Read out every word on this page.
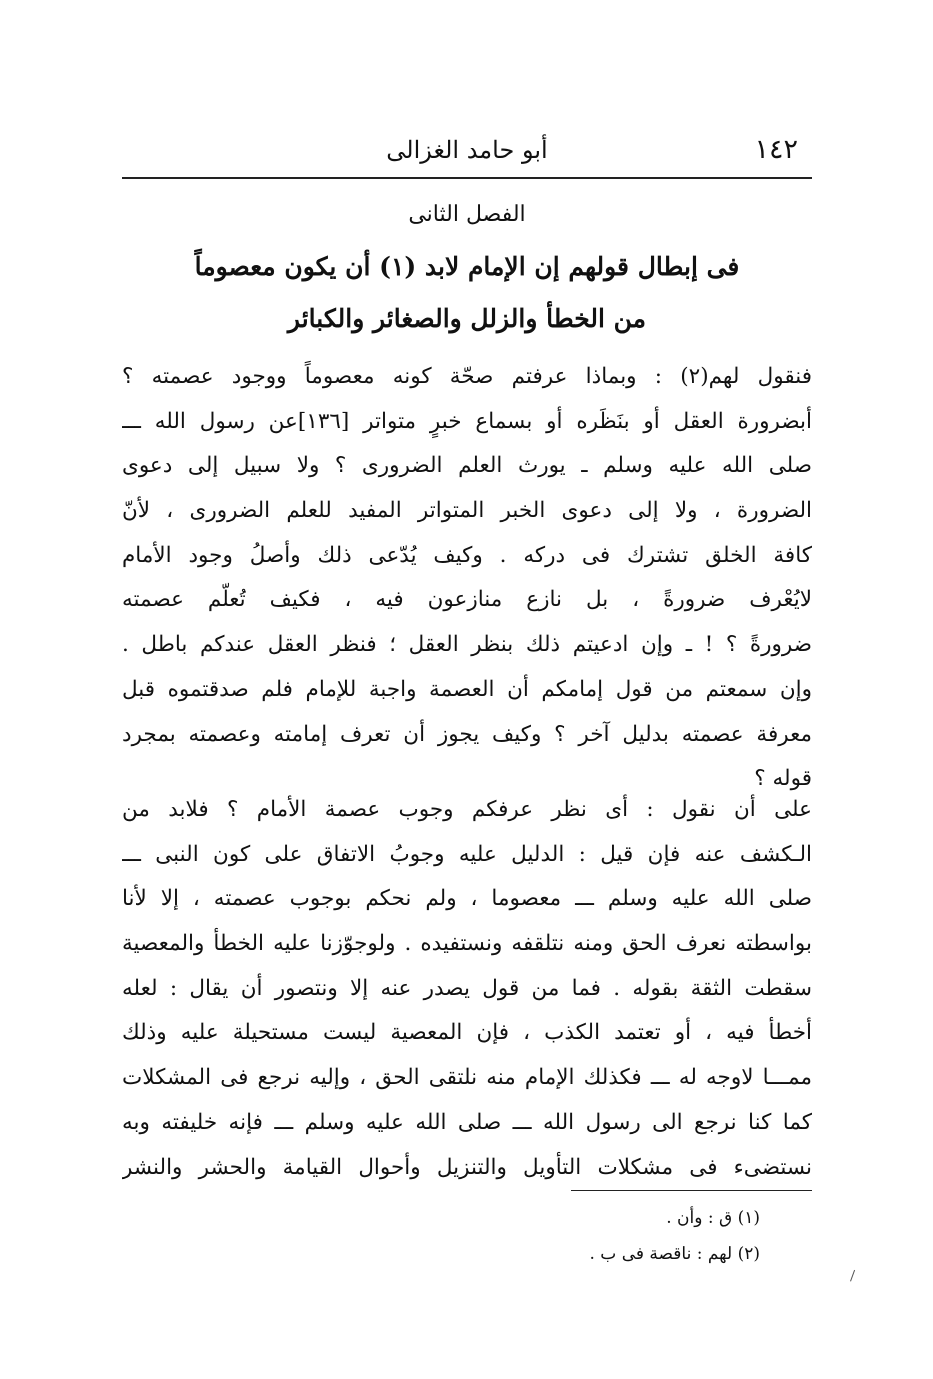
١٤٢
أبو حامد الغزالى
الفصل الثانى
فى إبطال قولهم إن الإمام لابد (١) أن يكون معصوماً
من الخطأ والزلل والصغائر والكبائر
فنقول لهم(٢) : وبماذا عرفتم صحّة كونه معصوماً ووجود عصمته ؟
أبضرورة العقل أو بنَظَره أو بسماع خبرٍ متواتر [١٣٦]عن رسول الله ـــ
صلى الله عليه وسلم ـ يورث العلم الضرورى ؟ ولا سبيل إلى دعوى
الضرورة ، ولا إلى دعوى الخبر المتواتر المفيد للعلم الضرورى ، لأنّ
كافة الخلق تشترك فى دركه . وكيف يُدّعى ذلك وأصلُ وجود الأمام
لايُعْرف ضرورةً ، بل نازع منازعون فيه ، فكيف تُعلّم عصمته
ضرورةً ؟ ! ـ وإن ادعيتم ذلك بنظر العقل ؛ فنظر العقل عندكم باطل .
وإن سمعتم من قول إمامكم أن العصمة واجبة للإمام فلم صدقتموه قبل
معرفة عصمته بدليل آخر ؟ وكيف يجوز أن تعرف إمامته وعصمته بمجرد
قوله ؟
على أن نقول : أى نظر عرفكم وجوب عصمة الأمام ؟ فلابد من
الـكشف عنه فإن قيل : الدليل عليه وجوبُ الاتفاق على كون النبى ـــ
صلى الله عليه وسلم ـــ معصوما ، ولم نحكم بوجوب عصمته ، إلا لأنا
بواسطته نعرف الحق ومنه نتلقفه ونستفيده . ولوجوّزنا عليه الخطأ والمعصية
سقطت الثقة بقوله . فما من قول يصدر عنه إلا ونتصور أن يقال : لعله
أخطأ فيه ، أو تعتمد الكذب ، فإن المعصية ليست مستحيلة عليه وذلك
ممـــا لاوجه له ـــ فكذلك الإمام منه نلتقى الحق ، وإليه نرجع فى المشكلات
كما كنا نرجع الى رسول الله ـــ صلى الله عليه وسلم ـــ فإنه خليفته وبه
نستضىء فى مشكلات التأويل والتنزيل وأحوال القيامة والحشر والنشر
(١) ق : وأن .
(٢) لهم : ناقصة فى ب .
